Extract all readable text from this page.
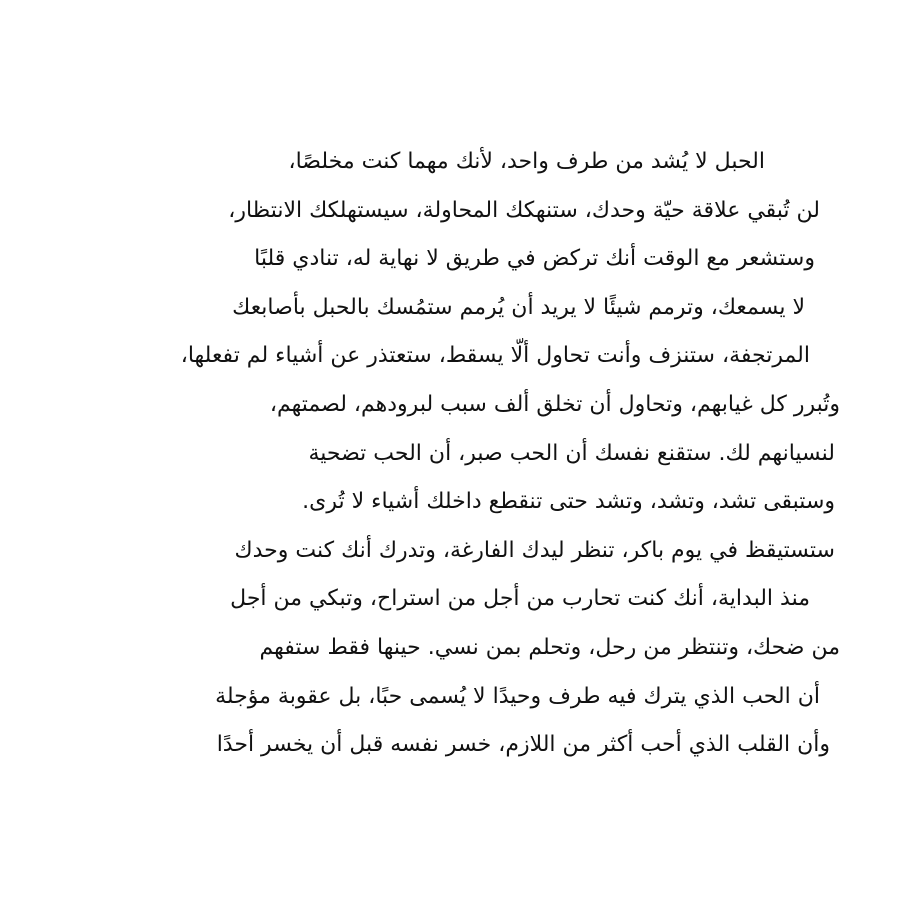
الحبل لا يُشد من طرف واحد، لأنك مهما كنت مخلصًا،
لن تُبقي علاقة حيّة وحدك، ستنهكك المحاولة، سيستهلكك الانتظار،
وستشعر مع الوقت أنك تركض في طريق لا نهاية له، تنادي قلبًا
لا يسمعك، وترمم شيئًا لا يريد أن يُرمم ستمُسك بالحبل بأصابعك
المرتجفة، ستنزف وأنت تحاول ألّا يسقط، ستعتذر عن أشياء لم تفعلها،
وتُبرر كل غيابهم، وتحاول أن تخلق ألف سبب لبرودهم، لصمتهم،
لنسيانهم لك. ستقنع نفسك أن الحب صبر، أن الحب تضحية
وستبقى تشد، وتشد، وتشد حتى تنقطع داخلك أشياء لا تُرى.
ستستيقظ في يوم باكر، تنظر ليدك الفارغة، وتدرك أنك كنت وحدك
منذ البداية، أنك كنت تحارب من أجل من استراح، وتبكي من أجل
من ضحك، وتنتظر من رحل، وتحلم بمن نسي. حينها فقط ستفهم
أن الحب الذي يترك فيه طرف وحيدًا لا يُسمى حبًا، بل عقوبة مؤجلة
وأن القلب الذي أحب أكثر من اللازم، خسر نفسه قبل أن يخسر أحدًا
